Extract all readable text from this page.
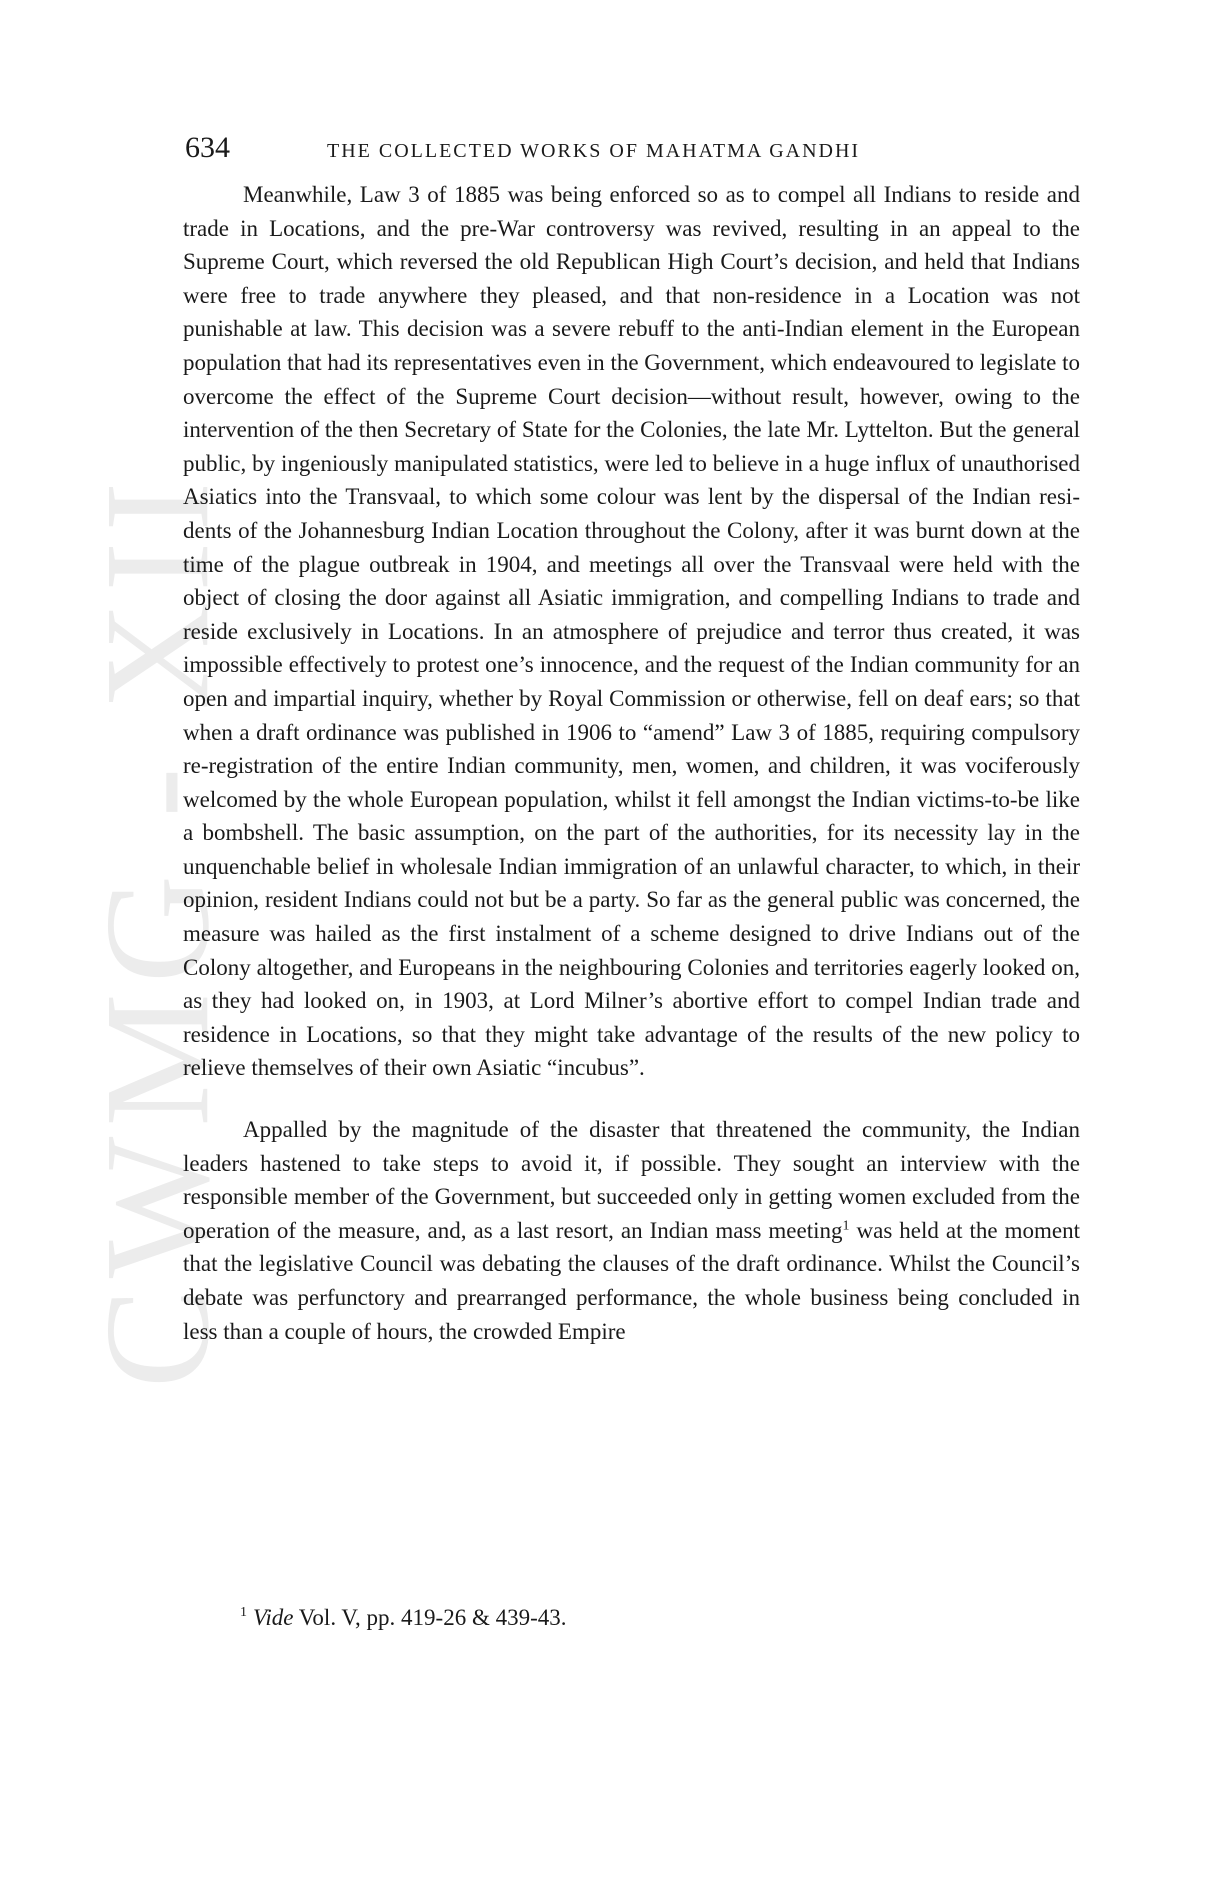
CWMG - XII
634	THE COLLECTED WORKS OF MAHATMA GANDHI

Meanwhile, Law 3 of 1885 was being enforced so as to compel all Indians to reside and trade in Locations, and the pre-War controversy was revived, resulting in an appeal to the Supreme Court, which reversed the old Republican High Court’s decision, and held that Indians were free to trade anywhere they pleased, and that non-residence in a Location was not punishable at law. This decision was a severe rebuff to the anti-Indian element in the European population that had its representatives even in the Government, which endeavoured to legislate to overcome the effect of the Supreme Court decision—without result, however, owing to the intervention of the then Secretary of State for the Colonies, the late Mr. Lyttelton. But the general public, by ingeniously manipulated statistics, were led to believe in a huge influx of unauthorised Asiatics into the Transvaal, to which some colour was lent by the dispersal of the Indian residents of the Johannesburg Indian Location throughout the Colony, after it was burnt down at the time of the plague outbreak in 1904, and meetings all over the Transvaal were held with the object of closing the door against all Asiatic immigration, and compelling Indians to trade and reside exclusively in Locations. In an atmosphere of prejudice and terror thus created, it was impossible effectively to protest one’s innocence, and the request of the Indian community for an open and impartial inquiry, whether by Royal Commission or otherwise, fell on deaf ears; so that when a draft ordinance was published in 1906 to “amend” Law 3 of 1885, requiring compulsory re-registration of the entire Indian community, men, women, and children, it was vociferously welcomed by the whole European population, whilst it fell amongst the Indian victims-to-be like a bombshell. The basic assumption, on the part of the authorities, for its necessity lay in the unquenchable belief in wholesale Indian immigration of an unlawful character, to which, in their opinion, resident Indians could not but be a party. So far as the general public was concerned, the measure was hailed as the first instalment of a scheme designed to drive Indians out of the Colony altogether, and Europeans in the neighbouring Colonies and territories eagerly looked on, as they had looked on, in 1903, at Lord Milner’s abortive effort to compel Indian trade and residence in Locations, so that they might take advantage of the results of the new policy to relieve themselves of their own Asiatic “incubus”.

Appalled by the magnitude of the disaster that threatened the community, the Indian leaders hastened to take steps to avoid it, if possible. They sought an interview with the responsible member of the Government, but succeeded only in getting women excluded from the operation of the measure, and, as a last resort, an Indian mass meeting$^1$ was held at the moment that the legislative Council was debating the clauses of the draft ordinance. Whilst the Council’s debate was perfunctory and prearranged performance, the whole business being concluded in less than a couple of hours, the crowded Empire

$^1$ Vide Vol. V, pp. 419-26 & 439-43.
